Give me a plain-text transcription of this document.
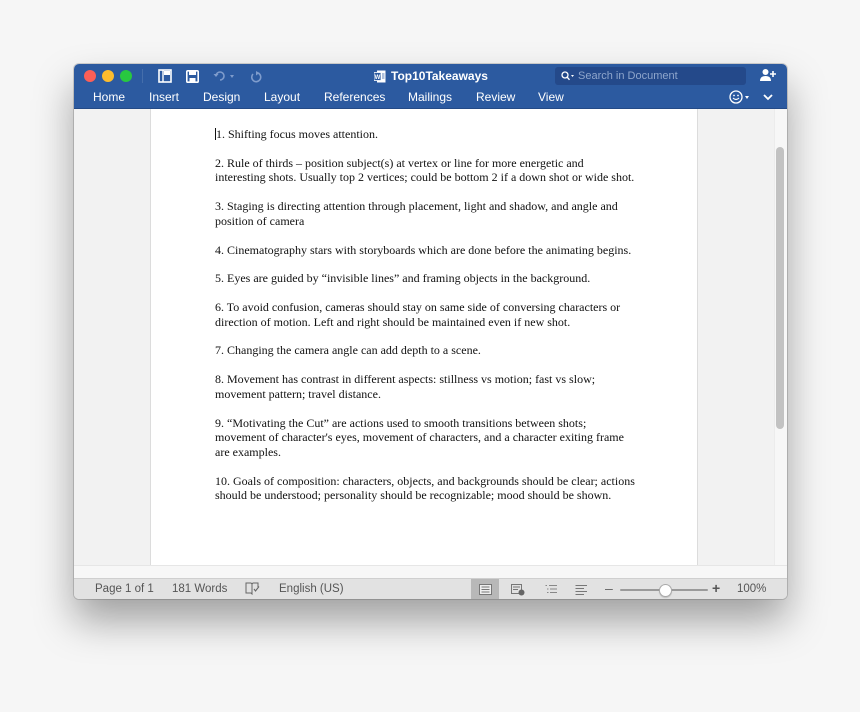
W Top10Takeaways	Search in Document
Home Insert Design Layout References Mailings Review View

1. Shifting focus moves attention.

2. Rule of thirds – position subject(s) at vertex or line for more energetic and interesting shots. Usually top 2 vertices; could be bottom 2 if a down shot or wide shot.

3. Staging is directing attention through placement, light and shadow, and angle and position of camera

4. Cinematography stars with storyboards which are done before the animating begins.

5. Eyes are guided by “invisible lines” and framing objects in the background.

6. To avoid confusion, cameras should stay on same side of conversing characters or direction of motion. Left and right should be maintained even if new shot.

7. Changing the camera angle can add depth to a scene.

8. Movement has contrast in different aspects: stillness vs motion; fast vs slow; movement pattern; travel distance.

9. “Motivating the Cut” are actions used to smooth transitions between shots; movement of character's eyes, movement of characters, and a character exiting frame are examples.

10. Goals of composition: characters, objects, and backgrounds should be clear; actions should be understood; personality should be recognizable; mood should be shown.

Page 1 of 1 181 Words	English (US)	–	+ 100%
